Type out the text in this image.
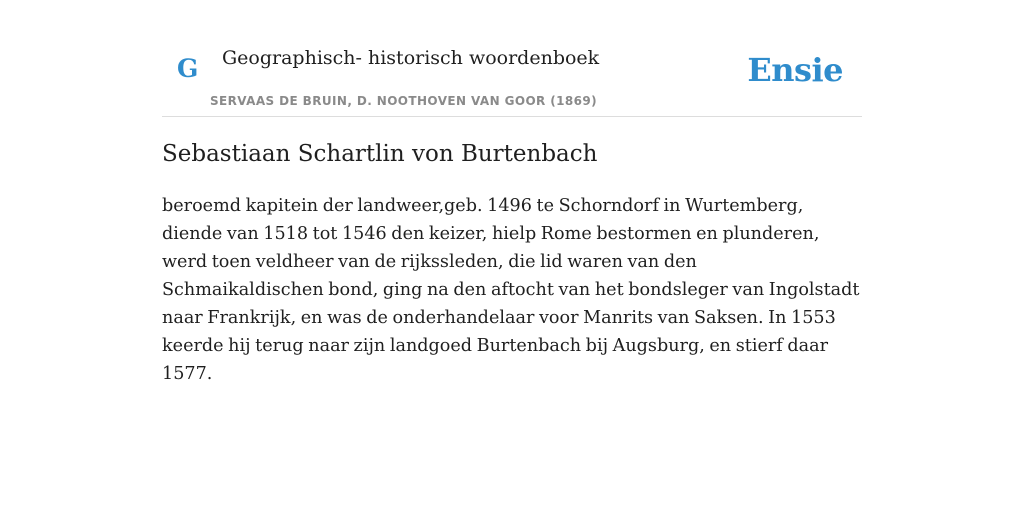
G Geographisch- historisch woordenboek
SERVAAS DE BRUIN, D. NOOTHOVEN VAN GOOR (1869)
Ensie
Sebastiaan Schartlin von Burtenbach

beroemd kapitein der landweer,geb. 1496 te Schorndorf in Wurtemberg, diende van 1518 tot 1546 den keizer, hielp Rome bestormen en plunderen, werd toen veldheer van de rijkssleden, die lid waren van den Schmaikaldischen bond, ging na den aftocht van het bondsleger van Ingolstadt naar Frankrijk, en was de onderhandelaar voor Manrits van Saksen. In 1553 keerde hij terug naar zijn landgoed Burtenbach bij Augsburg, en stierf daar 1577.
